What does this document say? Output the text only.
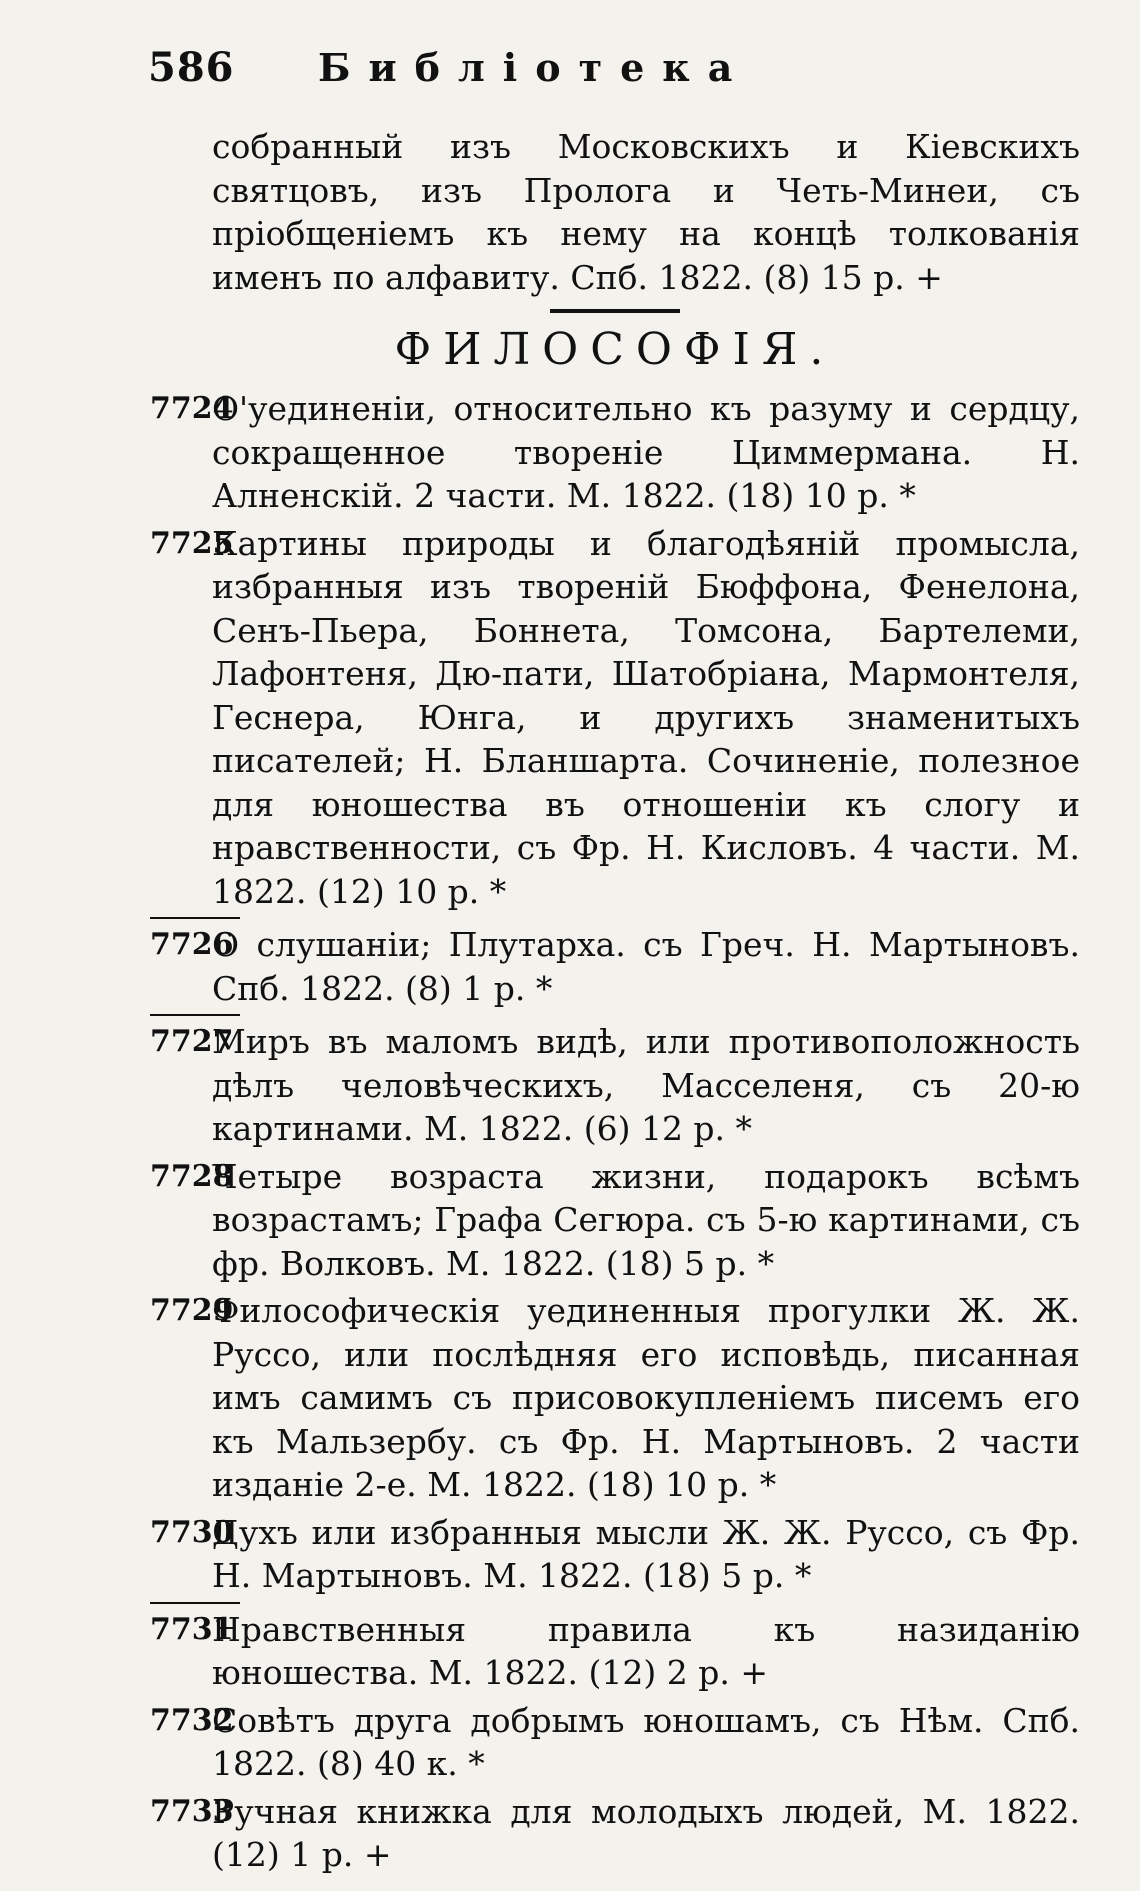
586	Библіотека
собранный изъ Московскихъ и Кіевскихъ святцовъ, изъ Пролога и Четь-Минеи, съ пріобщеніемъ къ нему на концѣ толкованія именъ по алфавиту. Спб. 1822. (8) 15 р. +
ФИЛОСОФІЯ.
7724
О'уединеніи, относительно къ разуму и сердцу, сокращенное твореніе Циммермана. Н. Алненскій. 2 части. М. 1822. (18) 10 р. *
7725
Картины природы и благодѣяній промысла, избранныя изъ твореній Бюффона, Фенелона, Сенъ-Пьера, Боннета, Томсона, Бартелеми, Лафонтеня, Дю-пати, Шатобріана, Мармонтеля, Геснера, Юнга, и другихъ знаменитыхъ писателей; Н. Бланшарта. Сочиненіе, полезное для юношества въ отношеніи къ слогу и нравственности, съ Фр. Н. Кисловъ. 4 части. М. 1822. (12) 10 р. *
7726
О слушаніи; Плутарха. съ Греч. Н. Мартыновъ. Спб. 1822. (8) 1 р. *
7727
Миръ въ маломъ видѣ, или противоположность дѣлъ человѣческихъ, Масселеня, съ 20-ю картинами. М. 1822. (6) 12 р. *
7728
Четыре возраста жизни, подарокъ всѣмъ возрастамъ; Графа Сегюра. съ 5-ю картинами, съ фр. Волковъ. М. 1822. (18) 5 р. *
7729
Философическія уединенныя прогулки Ж. Ж. Руссо, или послѣдняя его исповѣдь, писанная имъ самимъ съ присовокупленіемъ писемъ его къ Мальзербу. съ Фр. Н. Мартыновъ. 2 части изданіе 2-е. М. 1822. (18) 10 р. *
7730
Духъ или избранныя мысли Ж. Ж. Руссо, съ Фр. Н. Мартыновъ. М. 1822. (18) 5 р. *
7731
Нравственныя правила къ назиданію юношества. М. 1822. (12) 2 р. +
7732
Совѣтъ друга добрымъ юношамъ, съ Нѣм. Спб. 1822. (8) 40 к. *
7733
Ручная книжка для молодыхъ людей, М. 1822. (12) 1 р. +
